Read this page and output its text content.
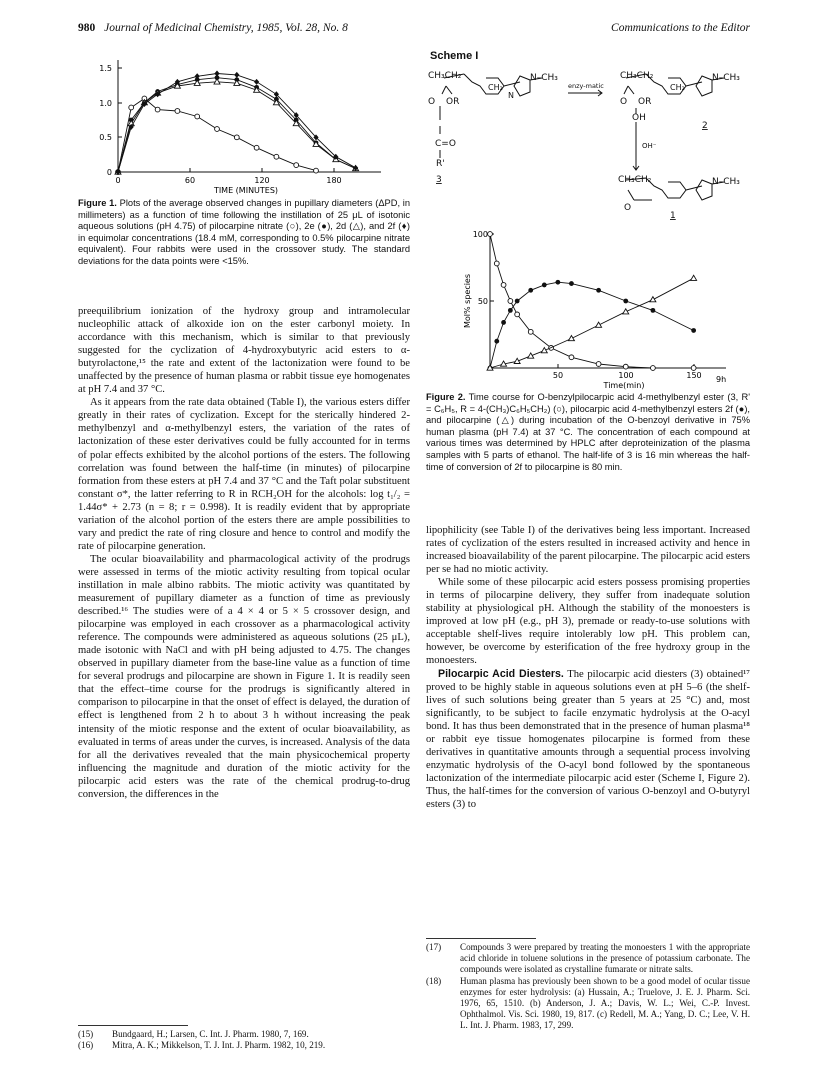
980 Journal of Medicinal Chemistry, 1985, Vol. 28, No. 8	Communications to the Editor
0
0.5
1.0
1.5
0	60	120	180
TIME (MINUTES)
Figure 1. Plots of the average observed changes in pupillary diameters (ΔPD, in millimeters) as a function of time following the instillation of 25 μL of isotonic aqueous solutions (pH 4.75) of pilocarpine nitrate (○), 2e (●), 2d (△), and 2f (♦) in equimolar concentrations (18.4 mM, corresponding to 0.5% pilocarpine nitrate equivalent). Four rabbits were used in the crossover study. The standard deviations for the data points were <15%.

preequilibrium ionization of the hydroxy group and intramolecular nucleophilic attack of alkoxide ion on the ester carbonyl moiety. In accordance with this mechanism, which is similar to that previously suggested for the cyclization of 4-hydroxybutyric acid esters to α-butyrolactone,¹⁵ the rate and extent of the lactonization were found to be unaffected by the presence of human plasma or rabbit tissue eye homogenates at pH 7.4 and 37 °C.

As it appears from the rate data obtained (Table I), the various esters differ greatly in their rates of cyclization. Except for the sterically hindered 2-methylbenzyl and α-methylbenzyl esters, the variation of the rates of lactonization of these ester derivatives could be fully accounted for in terms of polar effects exhibited by the alcohol portions of the esters. The following correlation was found between the half-time (in minutes) of pilocarpine formation from these esters at pH 7.4 and 37 °C and the Taft polar substituent constant σ*, the latter referring to R in RCH₂OH for the alcohols: log t₁/₂ = 1.44σ* + 2.73 (n = 8; r = 0.998). It is readily evident that by appropriate variation of the alcohol portion of the esters there are ample possibilities to vary and predict the rate of ring closure and hence to control and modify the rate of pilocarpine generation.

The ocular bioavailability and pharmacological activity of the prodrugs were assessed in terms of the miotic activity resulting from topical ocular instillation in male albino rabbits. The miotic activity was quantitated by measurement of pupillary diameter as a function of time as previously described.¹⁶ The studies were of a 4 × 4 or 5 × 5 crossover design, and pilocarpine was employed in each crossover as a pharmacological activity reference. The compounds were administered as aqueous solutions (25 μL), made isotonic with NaCl and with pH being adjusted to 4.75. The changes observed in pupillary diameter from the base-line value as a function of time for several prodrugs and pilocarpine are shown in Figure 1. It is readily seen that the effect–time course for the prodrugs is significantly altered in comparison to pilocarpine in that the onset of effect is delayed, the duration of effect is lengthened from 2 h to about 3 h without increasing the peak intensity of the miotic response and the extent of ocular bioavailability, as evaluated in terms of areas under the curves, is increased. Analysis of the data for all the derivatives revealed that the main physicochemical property influencing the magnitude and duration of the miotic activity for the pilocarpic acid esters was the rate of the chemical prodrug-to-drug conversion, the differences in the

(15)	Bundgaard, H.; Larsen, C. Int. J. Pharm. 1980, 7, 169.
(16)	Mitra, A. K.; Mikkelson, T. J. Int. J. Pharm. 1982, 10, 219.
Scheme I
CH₃CH₂	N–CH₃
CH₂
N
O OR
C=O
R'
3
CH₃CH₂	N–CH₃
CH₂
O OR
OH
2
OH⁻
CH₃CH₂	N–CH₃
O
1
enzy-matic
100
50
Mol% species
50	100	150 9h
Time(min)
Figure 2. Time course for O-benzylpilocarpic acid 4-methylbenzyl ester (3, R' = C₆H₅, R = 4-(CH₃)C₆H₅CH₂) (○), pilocarpic acid 4-methylbenzyl esters 2f (●), and pilocarpine (△) during incubation of the O-benzoyl derivative in 75% human plasma (pH 7.4) at 37 °C. The concentration of each compound at various times was determined by HPLC after deproteinization of the plasma samples with 5 parts of ethanol. The half-life of 3 is 16 min whereas the half-time of conversion of 2f to pilocarpine is 80 min.

lipophilicity (see Table I) of the derivatives being less important. Increased rates of cyclization of the esters resulted in increased activity and hence in increased bioavailability of the parent pilocarpine. The pilocarpic acid esters per se had no miotic activity.

While some of these pilocarpic acid esters possess promising properties in terms of pilocarpine delivery, they suffer from inadequate solution stability at physiological pH. Although the stability of the monoesters is improved at low pH (e.g., pH 3), premade or ready-to-use solutions with acceptable shelf-lives require intolerably low pH. This problem can, however, be overcome by esterification of the free hydroxy group in the monoesters.

Pilocarpic Acid Diesters. The pilocarpic acid diesters (3) obtained¹⁷ proved to be highly stable in aqueous solutions even at pH 5–6 (the shelf-lives of such solutions being greater than 5 years at 25 °C) and, most significantly, to be subject to facile enzymatic hydrolysis at the O-acyl bond. It has thus been demonstrated that in the presence of human plasma¹⁸ or rabbit eye tissue homogenates pilocarpine is formed from these derivatives in quantitative amounts through a sequential process involving enzymatic hydrolysis of the O-acyl bond followed by the spontaneous lactonization of the intermediate pilocarpic acid ester (Scheme I, Figure 2). Thus, the half-times for the conversion of various O-benzoyl and O-butyryl esters (3) to

(17)	Compounds 3 were prepared by treating the monoesters 1 with the appropriate acid chloride in toluene solutions in the presence of potassium carbonate. The compounds were isolated as crystalline fumarate or nitrate salts.
(18)	Human plasma has previously been shown to be a good model of ocular tissue enzymes for ester hydrolysis: (a) Hussain, A.; Truelove, J. E. J. Pharm. Sci. 1976, 65, 1510. (b) Anderson, J. A.; Davis, W. L.; Wei, C.-P. Invest. Ophthalmol. Vis. Sci. 1980, 19, 817. (c) Redell, M. A.; Yang, D. C.; Lee, V. H. L. Int. J. Pharm. 1983, 17, 299.
